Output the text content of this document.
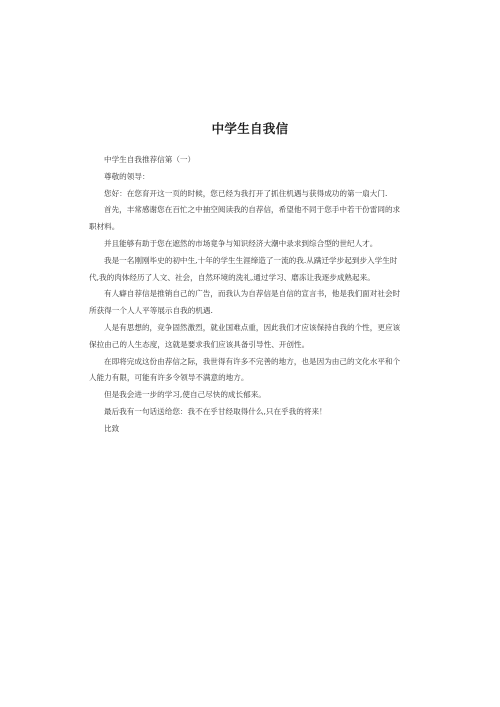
中学生自我信

中学生自我推荐信第（一）

尊敬的领导：

您好：在您育开这一页的时候，您已经为我打开了抓住机遇与获得成功的第一扇大门.

首先，丰常感谢您在百忙之中抽空阅读我的自荐信，希望他不同于您手中若干份雷同的求职材料。

并且能够有助于您在遮然的市场竟争与知识经济大潮中录求到综合型的世纪人才。

我是一名刚刚毕史的初中生,十年的学生生涯缔造了一流的我.从蹒迁学步起到步入学生时代,我的肉体经历了人文、社会，自然环境的洗礼,通过学习、磨冻让我逐步成熟起来。

有人癖自荐信是推销自己的广告，而我认为自荐信是自信的宣言书，他是我们面对社会时所获得一个人人平等展示自我的机遇.

人是有思想的，竞争固然激烈，就业国难点重，因此我们才应该保持自我的个性，更应该保拉由己的人生态度，这就是要求我们应该具备引导性、开创性。

在即将完成这份由荐信之际，我世得有许多不完善的地方，也是因为由己的文化水平和个人能力有限，可能有许多令领导不满意的地方。

但是我会进一步的学习,使自己尽快的成长郁来。

最后我有一句话送给您：我不在乎甘经取得什么,只在乎我的将来！

比致
